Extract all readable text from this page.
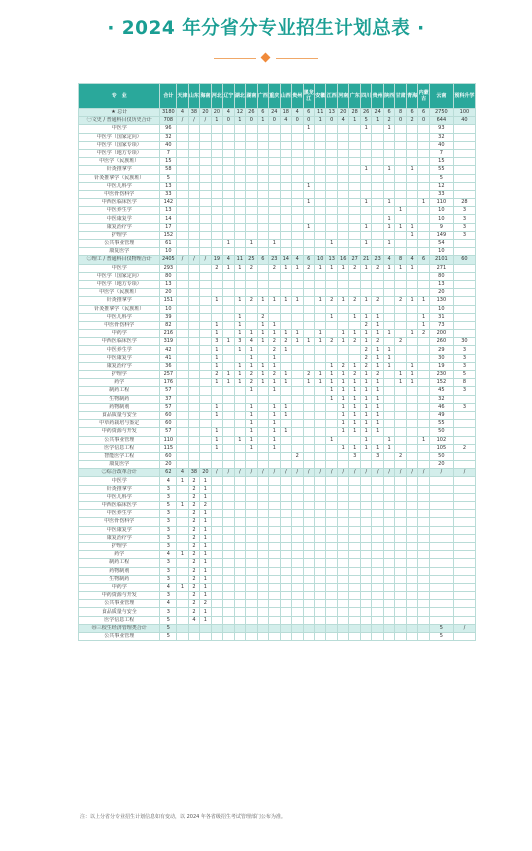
· 2024 年分省分专业招生计划总表 ·
专　业	合计	天津	山东	海南	河北	辽宁	湖北	湖南	广西	重庆	山西	贵州	黑龙江	安徽	江西	河南	广东	四川	贵州	陕西	甘肃	青海	内蒙古	云南	预科升学
★ 总计	3180	4	38	20	20	4	12	26	6	24	18	4	6	11	13	20	28	26	24	6	8	6	6	2750	100
㊀文史 / 普通科目仅历史合计	708	/	/	/	1	0	1	0	1	0	4	0	0	1	0	4	1	5	1	2	0	2	0	644	40
中医学	96												1					1		1				93	
中医学（国家定向）	32																							32	
中医学（国家专项）	40																							40	
中医学（地方专项）	7																							7	
中医学（民族班）	15																							15	
针灸推拿学	58																	1		1		1		55	
针灸推拿学（民族班）	5																							5	
中医儿科学	13												1											12	
中医骨伤科学	33																							33	
中西医临床医学	142												1					1		1			1	110	28
中医养生学	13																				1			10	3
中医康复学	14																			1				10	3
康复治疗学	17												1					1		1	1	1		9	3
护理学	152																					1		149	3
公共事业管理	61					1		1		1					1			1		1				54	
康复医学	10																							10	
㊁理工 / 普通科目仅物理合计	2405	/	/	/	19	4	11	25	6	23	14	4	6	10	13	16	27	21	23	4	8	4	6	2101	60
中医学	293				2	1	1	2		2	1	1	2	1	1	1	2	1	2	1	1	1		271	
中医学（国家定向）	80																							80	
中医学（地方专项）	13																							13	
中医学（民族班）	20																							20	
针灸推拿学	151				1		1	2	1	1	1	1		1	2	1	2	1	2		2	1	1	130	
针灸推拿学（民族班）	10																							10	
中医儿科学	39						1		2						1		1	1	1				1	31	
中医骨伤科学	82				1		1		1	1								2	1				1	73	
中药学	216				1		1	1	1	1	1	1		1		1	1	1	1	1		1	2	200	
中西医临床医学	319				3	1	3	4	1	2	2	1	1	1	2	1	2	1	2		2			260	30
中医养生学	42				1		1	1		2	1							2	1	1				29	3
中医康复学	41				1			1		1								2	1	1				30	3
康复治疗学	36				1		1	1	1	1					1	2	1	2	1	1		1		19	3
护理学	257				2	1	1	2	1	2	1		2	1	1	1	2	1	2		1	1		230	5
药学	176				1	1	1	2	1	1	1		1	1	1	1	1	1	1		1	1		152	8
制药工程	57							1		1					1	1	1	1	1					45	3
生物制药	37														1	1	1	1	1					32	
药物制剂	57				1			1		1	1					1	1	1	1					46	3
食品质量与安全	60				1			1		1	1					1	1	1	1					49	
中草药栽培与鉴定	60							1		1						1	1	1	1					55	
中药资源与开发	57				1			1		1	1					1	1	1	1					50	
公共事业管理	110				1		1	1		1					1			1		1			1	102	
医学信息工程	115				1			1		1						1	1	1	1	1				105	2
智能医学工程	60											2					3		3		2			50	
康复医学	20																							20	
㊂综合改革合计	62	4	38	20	/	/	/	/	/	/	/	/	/	/	/	/	/	/	/	/	/	/	/	/	/
中医学	4	1	2	1																					
针灸推拿学	3		2	1																					
中医儿科学	3		2	1																					
中西医临床医学	5	1	2	2																					
中医养生学	3		2	1																					
中医骨伤科学	3		2	1																					
中医康复学	3		2	1																					
康复治疗学	3		2	1																					
护理学	3		2	1																					
药学	4	1	2	1																					
制药工程	3		2	1																					
药物制剂	3		2	1																					
生物制药	3		2	1																					
中药学	4	1	2	1																					
中药资源与开发	3		2	1																					
公共事业管理	4		2	2																					
食品质量与安全	3		2	1																					
医学信息工程	5		4	1																					
㊃三校生经济管理类合计	5																							5	/
公共事业管理	5																							5	
注：以上分省分专业招生计划信息如有变动，以 2024 年各省级招生考试管理部门公布为准。
